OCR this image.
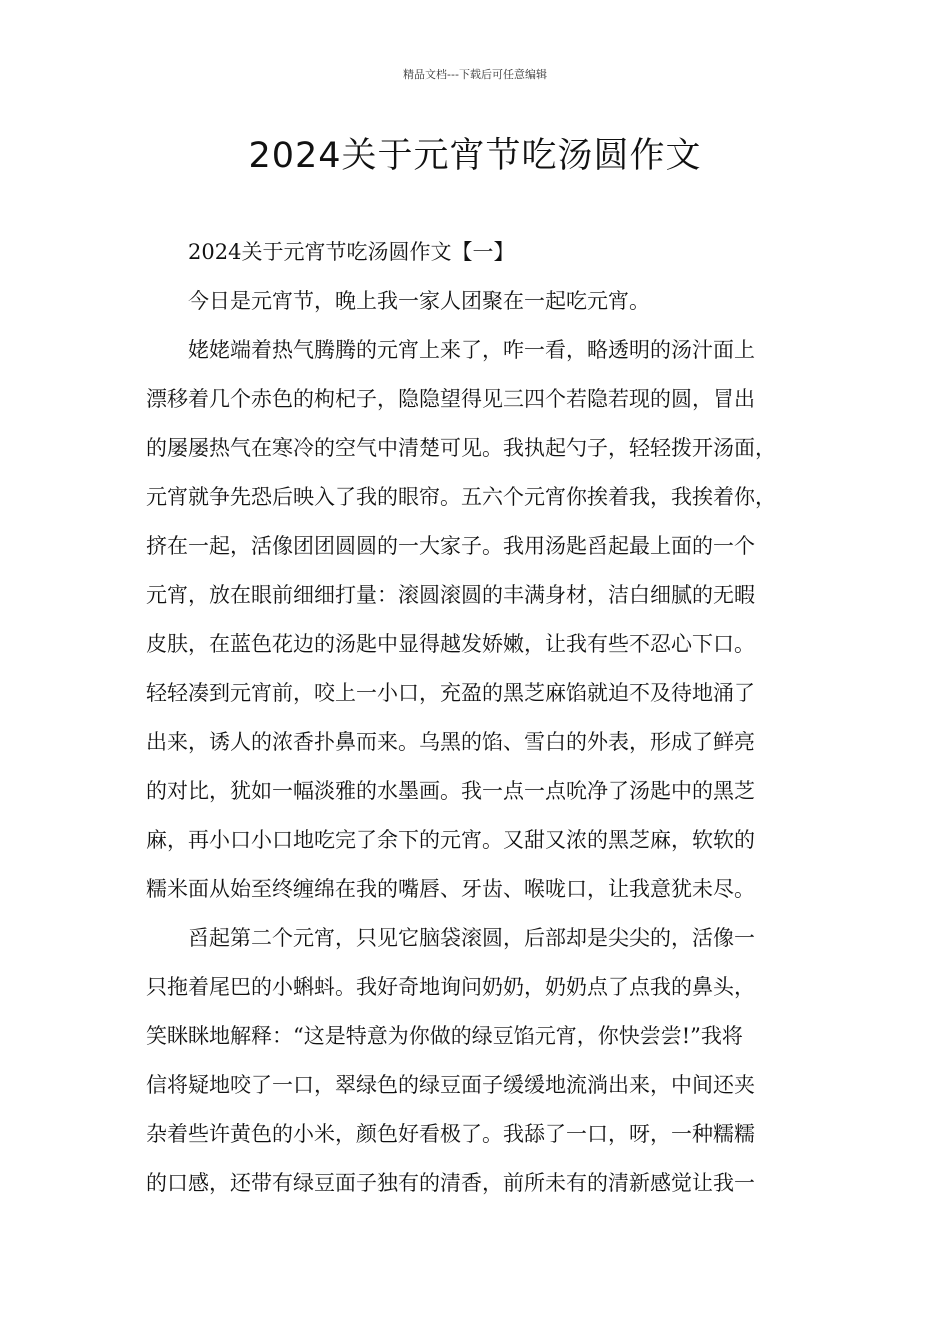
精品文档---下载后可任意编辑
2024关于元宵节吃汤圆作文
2024关于元宵节吃汤圆作文【一】
今日是元宵节，晚上我一家人团聚在一起吃元宵。
姥姥端着热气腾腾的元宵上来了，咋一看，略透明的汤汁面上
漂移着几个赤色的枸杞子，隐隐望得见三四个若隐若现的圆，冒出
的屡屡热气在寒冷的空气中清楚可见。我执起勺子，轻轻拨开汤面，
元宵就争先恐后映入了我的眼帘。五六个元宵你挨着我，我挨着你，
挤在一起，活像团团圆圆的一大家子。我用汤匙舀起最上面的一个
元宵，放在眼前细细打量：滚圆滚圆的丰满身材，洁白细腻的无暇
皮肤，在蓝色花边的汤匙中显得越发娇嫩，让我有些不忍心下口。
轻轻凑到元宵前，咬上一小口，充盈的黑芝麻馅就迫不及待地涌了
出来，诱人的浓香扑鼻而来。乌黑的馅、雪白的外表，形成了鲜亮
的对比，犹如一幅淡雅的水墨画。我一点一点吮净了汤匙中的黑芝
麻，再小口小口地吃完了余下的元宵。又甜又浓的黑芝麻，软软的
糯米面从始至终缠绵在我的嘴唇、牙齿、喉咙口，让我意犹未尽。
舀起第二个元宵，只见它脑袋滚圆，后部却是尖尖的，活像一
只拖着尾巴的小蝌蚪。我好奇地询问奶奶，奶奶点了点我的鼻头，
笑眯眯地解释：“这是特意为你做的绿豆馅元宵，你快尝尝!”我将
信将疑地咬了一口，翠绿色的绿豆面子缓缓地流淌出来，中间还夹
杂着些许黄色的小米，颜色好看极了。我舔了一口，呀，一种糯糯
的口感，还带有绿豆面子独有的清香，前所未有的清新感觉让我一
